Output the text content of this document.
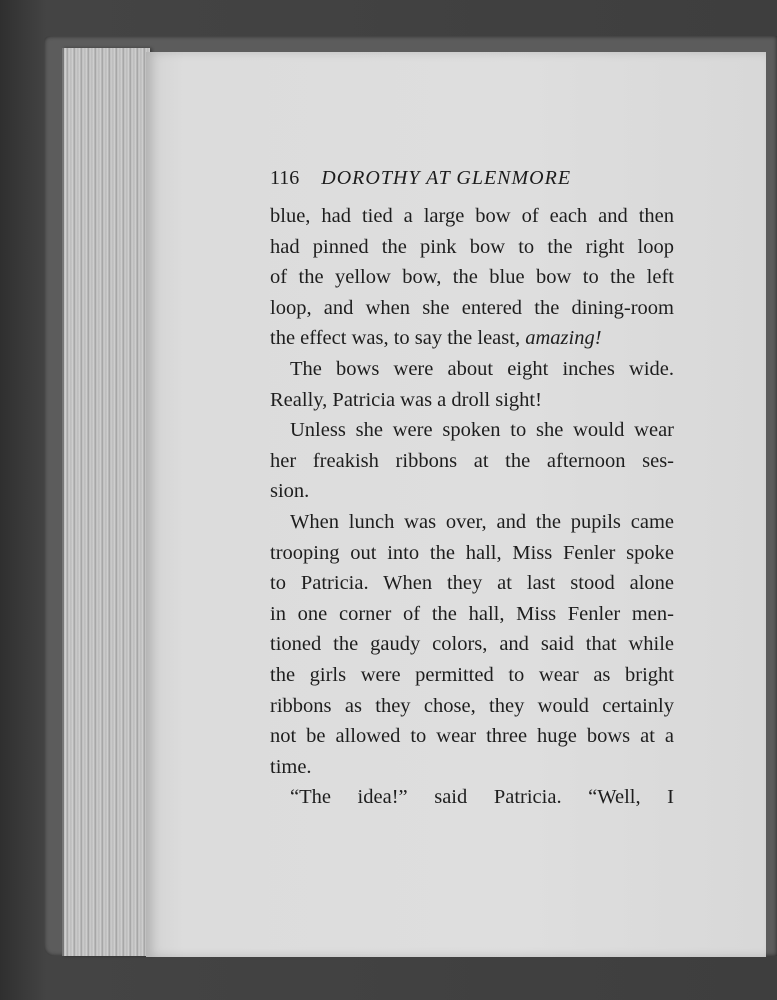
116 DOROTHY AT GLENMORE
blue, had tied a large bow of each and then
had pinned the pink bow to the right loop
of the yellow bow, the blue bow to the left
loop, and when she entered the dining-room
the effect was, to say the least, amazing!
The bows were about eight inches wide.
Really, Patricia was a droll sight!
Unless she were spoken to she would wear
her freakish ribbons at the afternoon ses-
sion.
When lunch was over, and the pupils came
trooping out into the hall, Miss Fenler spoke
to Patricia. When they at last stood alone
in one corner of the hall, Miss Fenler men-
tioned the gaudy colors, and said that while
the girls were permitted to wear as bright
ribbons as they chose, they would certainly
not be allowed to wear three huge bows at a
time.
“The idea!” said Patricia. “Well, I
